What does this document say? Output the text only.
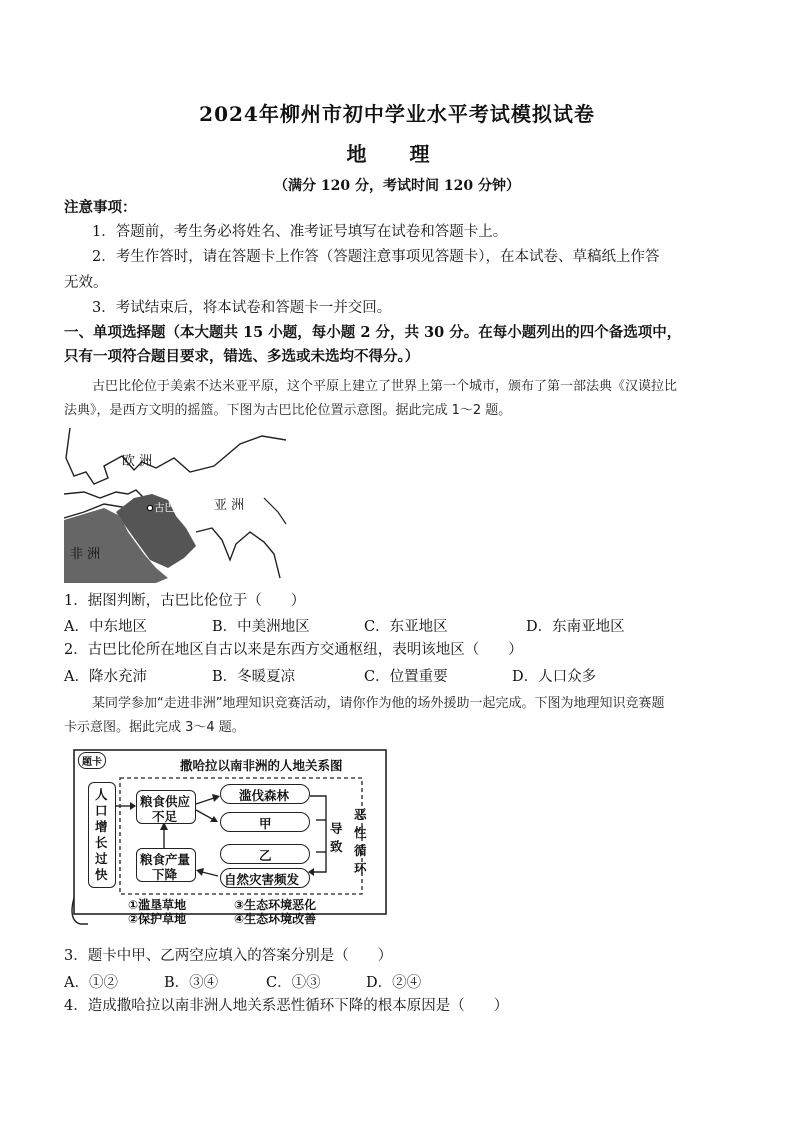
2024年柳州市初中学业水平考试模拟试卷
地 理
（满分 120 分，考试时间 120 分钟）
注意事项：
1．答题前，考生务必将姓名、准考证号填写在试卷和答题卡上。
2．考生作答时，请在答题卡上作答（答题注意事项见答题卡），在本试卷、草稿纸上作答
无效。
3．考试结束后，将本试卷和答题卡一并交回。
一、单项选择题（本大题共 15 小题，每小题 2 分，共 30 分。在每小题列出的四个备选项中，
只有一项符合题目要求，错选、多选或未选均不得分。）
古巴比伦位于美索不达米亚平原，这个平原上建立了世界上第一个城市，颁布了第一部法典《汉谟拉比
法典》，是西方文明的摇篮。下图为古巴比伦位置示意图。据此完成 1～2 题。
欧 洲
亚 洲
非 洲
古巴比伦
1．据图判断，古巴比伦位于（　　）
A．中东地区	B．中美洲地区	C．东亚地区	D．东南亚地区
2．古巴比伦所在地区自古以来是东西方交通枢纽，表明该地区（　　）
A．降水充沛	B．冬暖夏凉	C．位置重要	D．人口众多
某同学参加“走进非洲”地理知识竞赛活动，请你作为他的场外援助一起完成。下图为地理知识竞赛题
卡示意图。据此完成 3～4 题。
题卡	撒哈拉以南非洲的人地关系图
人
口
增
长
过
快
粮食供应
不足
滥伐森林
甲
乙
自然灾害频发
粮食产量
下降
导
致
恶
性
循
环
①滥垦草地
②保护草地
③生态环境恶化
④生态环境改善
3．题卡中甲、乙两空应填入的答案分别是（　　）
A．①②	B．③④	C．①③	D．②④
4．造成撒哈拉以南非洲人地关系恶性循环下降的根本原因是（　　）
